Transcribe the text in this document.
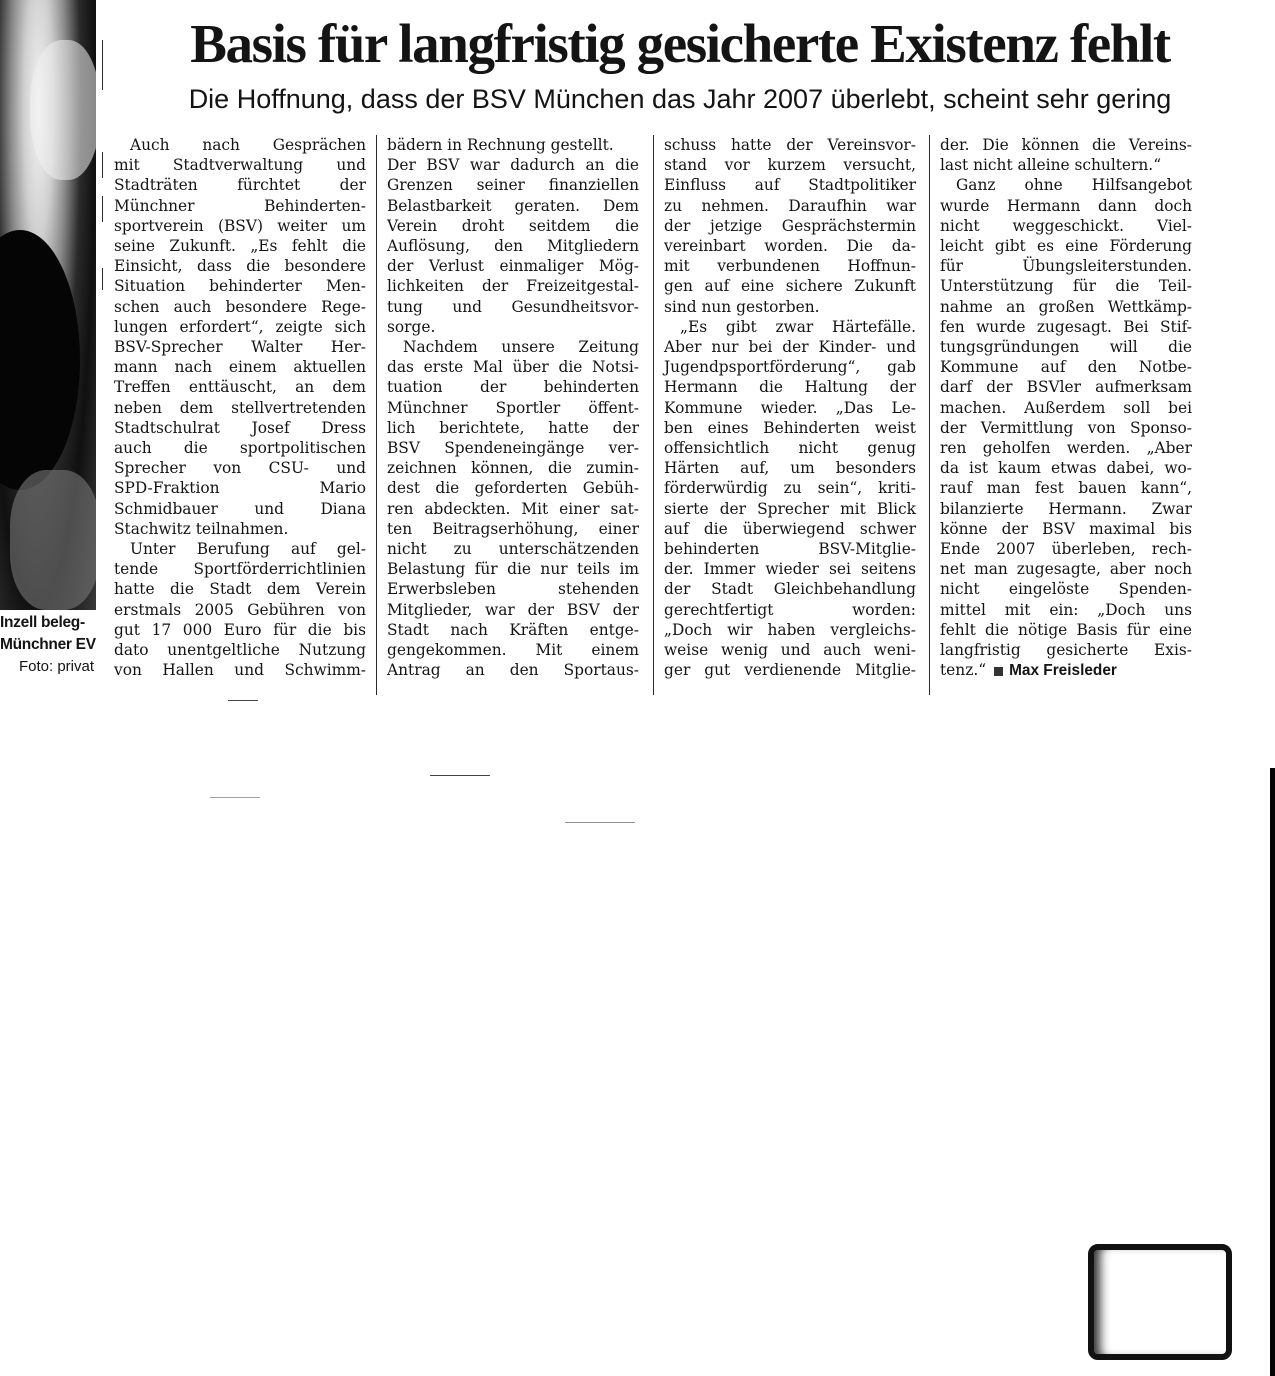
Inzell beleg-
Münchner EV
Foto: privat
Basis für langfristig gesicherte Existenz fehlt
Die Hoffnung, dass der BSV München das Jahr 2007 überlebt, scheint sehr gering
Auch nach Gesprächen
mit Stadtverwaltung und
Stadträten fürchtet der
Münchner Behinderten-
sportverein (BSV) weiter um
seine Zukunft. „Es fehlt die
Einsicht, dass die besondere
Situation behinderter Men-
schen auch besondere Rege-
lungen erfordert“, zeigte sich
BSV-Sprecher Walter Her-
mann nach einem aktuellen
Treffen enttäuscht, an dem
neben dem stellvertretenden
Stadtschulrat Josef Dress
auch die sportpolitischen
Sprecher von CSU- und
SPD-Fraktion Mario
Schmidbauer und Diana
Stachwitz teilnahmen.
Unter Berufung auf gel-
tende Sportförderrichtlinien
hatte die Stadt dem Verein
erstmals 2005 Gebühren von
gut 17 000 Euro für die bis
dato unentgeltliche Nutzung
von Hallen und Schwimm-
bädern in Rechnung gestellt.
Der BSV war dadurch an die
Grenzen seiner finanziellen
Belastbarkeit geraten. Dem
Verein droht seitdem die
Auflösung, den Mitgliedern
der Verlust einmaliger Mög-
lichkeiten der Freizeitgestal-
tung und Gesundheitsvor-
sorge.
Nachdem unsere Zeitung
das erste Mal über die Notsi-
tuation der behinderten
Münchner Sportler öffent-
lich berichtete, hatte der
BSV Spendeneingänge ver-
zeichnen können, die zumin-
dest die geforderten Gebüh-
ren abdeckten. Mit einer sat-
ten Beitragserhöhung, einer
nicht zu unterschätzenden
Belastung für die nur teils im
Erwerbsleben stehenden
Mitglieder, war der BSV der
Stadt nach Kräften entge-
gengekommen. Mit einem
Antrag an den Sportaus-
schuss hatte der Vereinsvor-
stand vor kurzem versucht,
Einfluss auf Stadtpolitiker
zu nehmen. Daraufhin war
der jetzige Gesprächstermin
vereinbart worden. Die da-
mit verbundenen Hoffnun-
gen auf eine sichere Zukunft
sind nun gestorben.
„Es gibt zwar Härtefälle.
Aber nur bei der Kinder- und
Jugendpsportförderung“, gab
Hermann die Haltung der
Kommune wieder. „Das Le-
ben eines Behinderten weist
offensichtlich nicht genug
Härten auf, um besonders
förderwürdig zu sein“, kriti-
sierte der Sprecher mit Blick
auf die überwiegend schwer
behinderten BSV-Mitglie-
der. Immer wieder sei seitens
der Stadt Gleichbehandlung
gerechtfertigt worden:
„Doch wir haben vergleichs-
weise wenig und auch weni-
ger gut verdienende Mitglie-
der. Die können die Vereins-
last nicht alleine schultern.“
Ganz ohne Hilfsangebot
wurde Hermann dann doch
nicht weggeschickt. Viel-
leicht gibt es eine Förderung
für Übungsleiterstunden.
Unterstützung für die Teil-
nahme an großen Wettkämp-
fen wurde zugesagt. Bei Stif-
tungsgründungen will die
Kommune auf den Notbe-
darf der BSVler aufmerksam
machen. Außerdem soll bei
der Vermittlung von Sponso-
ren geholfen werden. „Aber
da ist kaum etwas dabei, wo-
rauf man fest bauen kann“,
bilanzierte Hermann. Zwar
könne der BSV maximal bis
Ende 2007 überleben, rech-
net man zugesagte, aber noch
nicht eingelöste Spenden-
mittel mit ein: „Doch uns
fehlt die nötige Basis für eine
langfristig gesicherte Exis-
tenz.“ Max Freisleder
